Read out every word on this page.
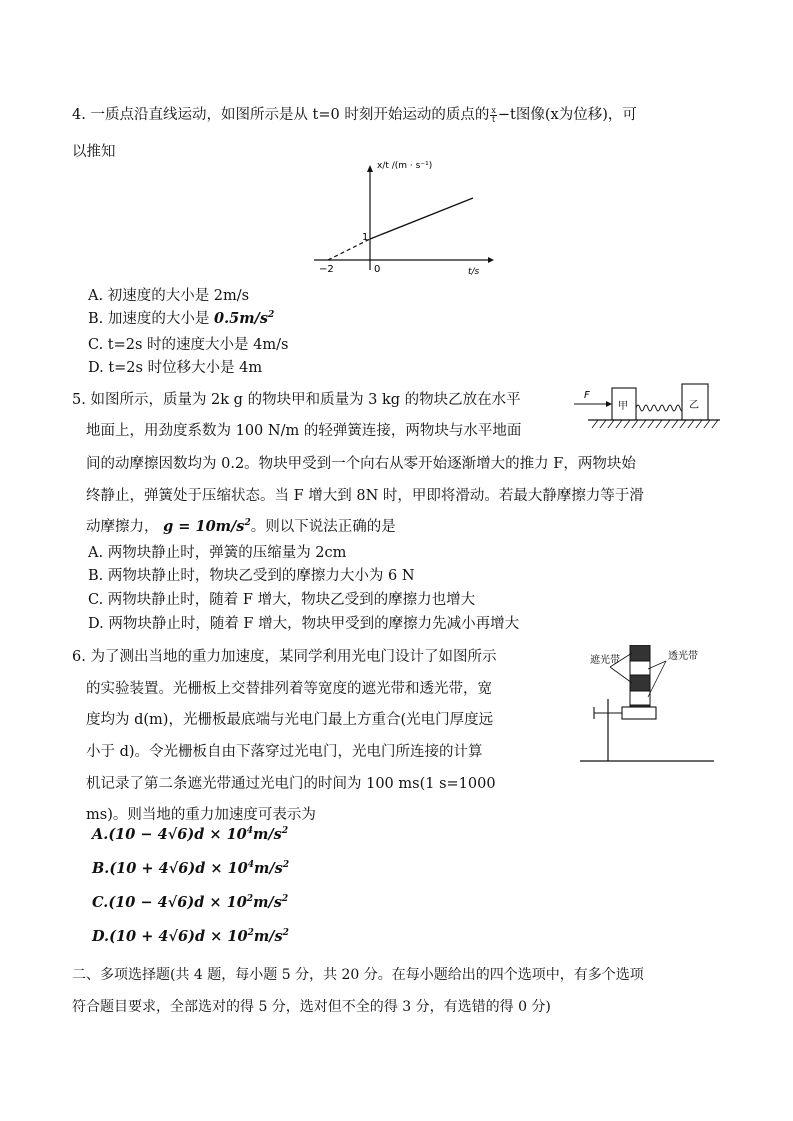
4. 一质点沿直线运动，如图所示是从 t=0 时刻开始运动的质点的 $\frac{x}{t} -t$图像(x为位移)，可
以推知
x/t /(m · s⁻¹)
1
0
−2	t/s
A. 初速度的大小是 2m/s
B. 加速度的大小是 $0.5m/s^2$
C. t=2s 时的速度大小是 4m/s
D. t=2s 时位移大小是 4m
5. 如图所示，质量为 2k g 的物块甲和质量为 3 kg 的物块乙放在水平
地面上，用劲度系数为 100 N/m 的轻弹簧连接，两物块与水平地面
间的动摩擦因数均为 0.2。物块甲受到一个向右从零开始逐渐增大的推力 F，两物块始
终静止，弹簧处于压缩状态。当 F 增大到 8N 时，甲即将滑动。若最大静摩擦力等于滑
动摩擦力， $g = 10m/s^2$。则以下说法正确的是
F
甲	乙
A. 两物块静止时，弹簧的压缩量为 2cm
B. 两物块静止时，物块乙受到的摩擦力大小为 6 N
C. 两物块静止时，随着 F 增大，物块乙受到的摩擦力也增大
D. 两物块静止时，随着 F 增大，物块甲受到的摩擦力先减小再增大
6. 为了测出当地的重力加速度，某同学利用光电门设计了如图所示
的实验装置。光栅板上交替排列着等宽度的遮光带和透光带，宽
度均为 d(m)，光栅板最底端与光电门最上方重合(光电门厚度远
小于 d)。令光栅板自由下落穿过光电门，光电门所连接的计算
机记录了第二条遮光带通过光电门的时间为 100 ms(1 s=1000
ms)。则当地的重力加速度可表示为
遮光带	透光带
$A.(10 - 4√6)d \times 10^4m/s^2$
$B.(10 + 4√6)d \times 10^4m/s^2$
$C.(10 - 4√6)d \times 10^2m/s^2$
$D.(10 + 4√6)d \times 10^2m/s^2$
二、多项选择题(共 4 题，每小题 5 分，共 20 分。在每小题给出的四个选项中，有多个选项
符合题目要求，全部选对的得 5 分，选对但不全的得 3 分，有选错的得 0 分)
